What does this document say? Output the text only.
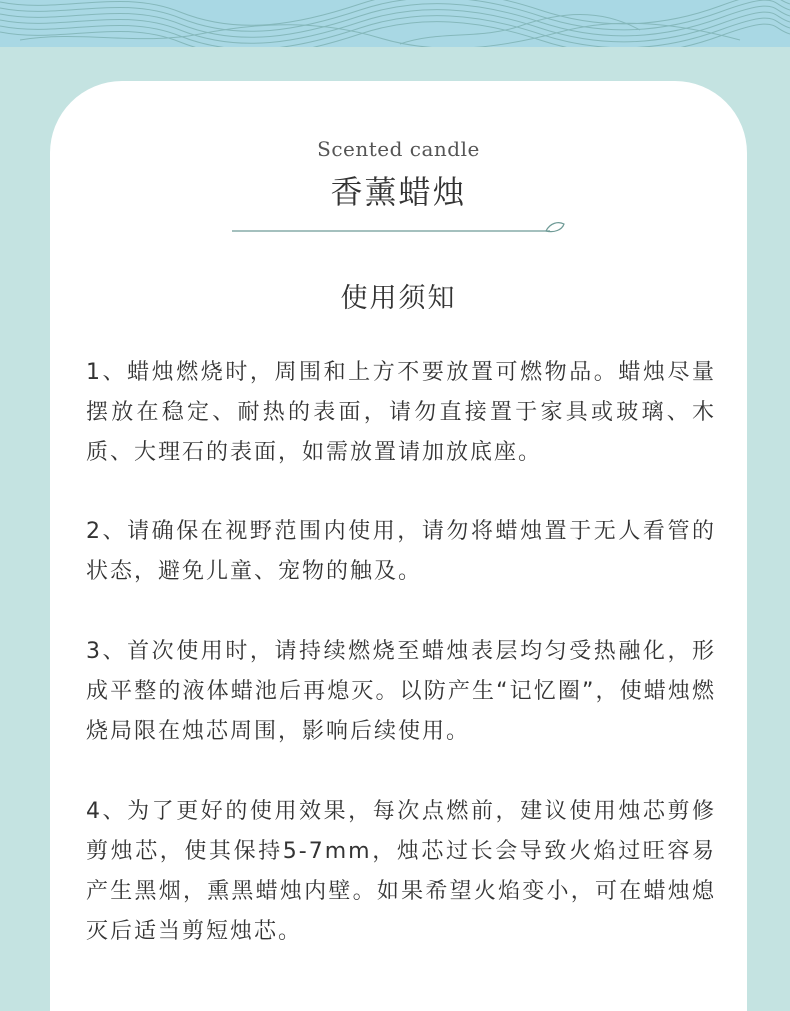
Scented candle
香薰蜡烛
使用须知
1、蜡烛燃烧时，周围和上方不要放置可燃物品。蜡烛尽量摆放在稳定、耐热的表面，请勿直接置于家具或玻璃、木质、大理石的表面，如需放置请加放底座。
2、请确保在视野范围内使用，请勿将蜡烛置于无人看管的状态，避免儿童、宠物的触及。
3、首次使用时，请持续燃烧至蜡烛表层均匀受热融化，形成平整的液体蜡池后再熄灭。以防产生“记忆圈”，使蜡烛燃烧局限在烛芯周围，影响后续使用。
4、为了更好的使用效果，每次点燃前，建议使用烛芯剪修剪烛芯，使其保持5-7mm，烛芯过长会导致火焰过旺容易产生黑烟，熏黑蜡烛内壁。如果希望火焰变小，可在蜡烛熄灭后适当剪短烛芯。
